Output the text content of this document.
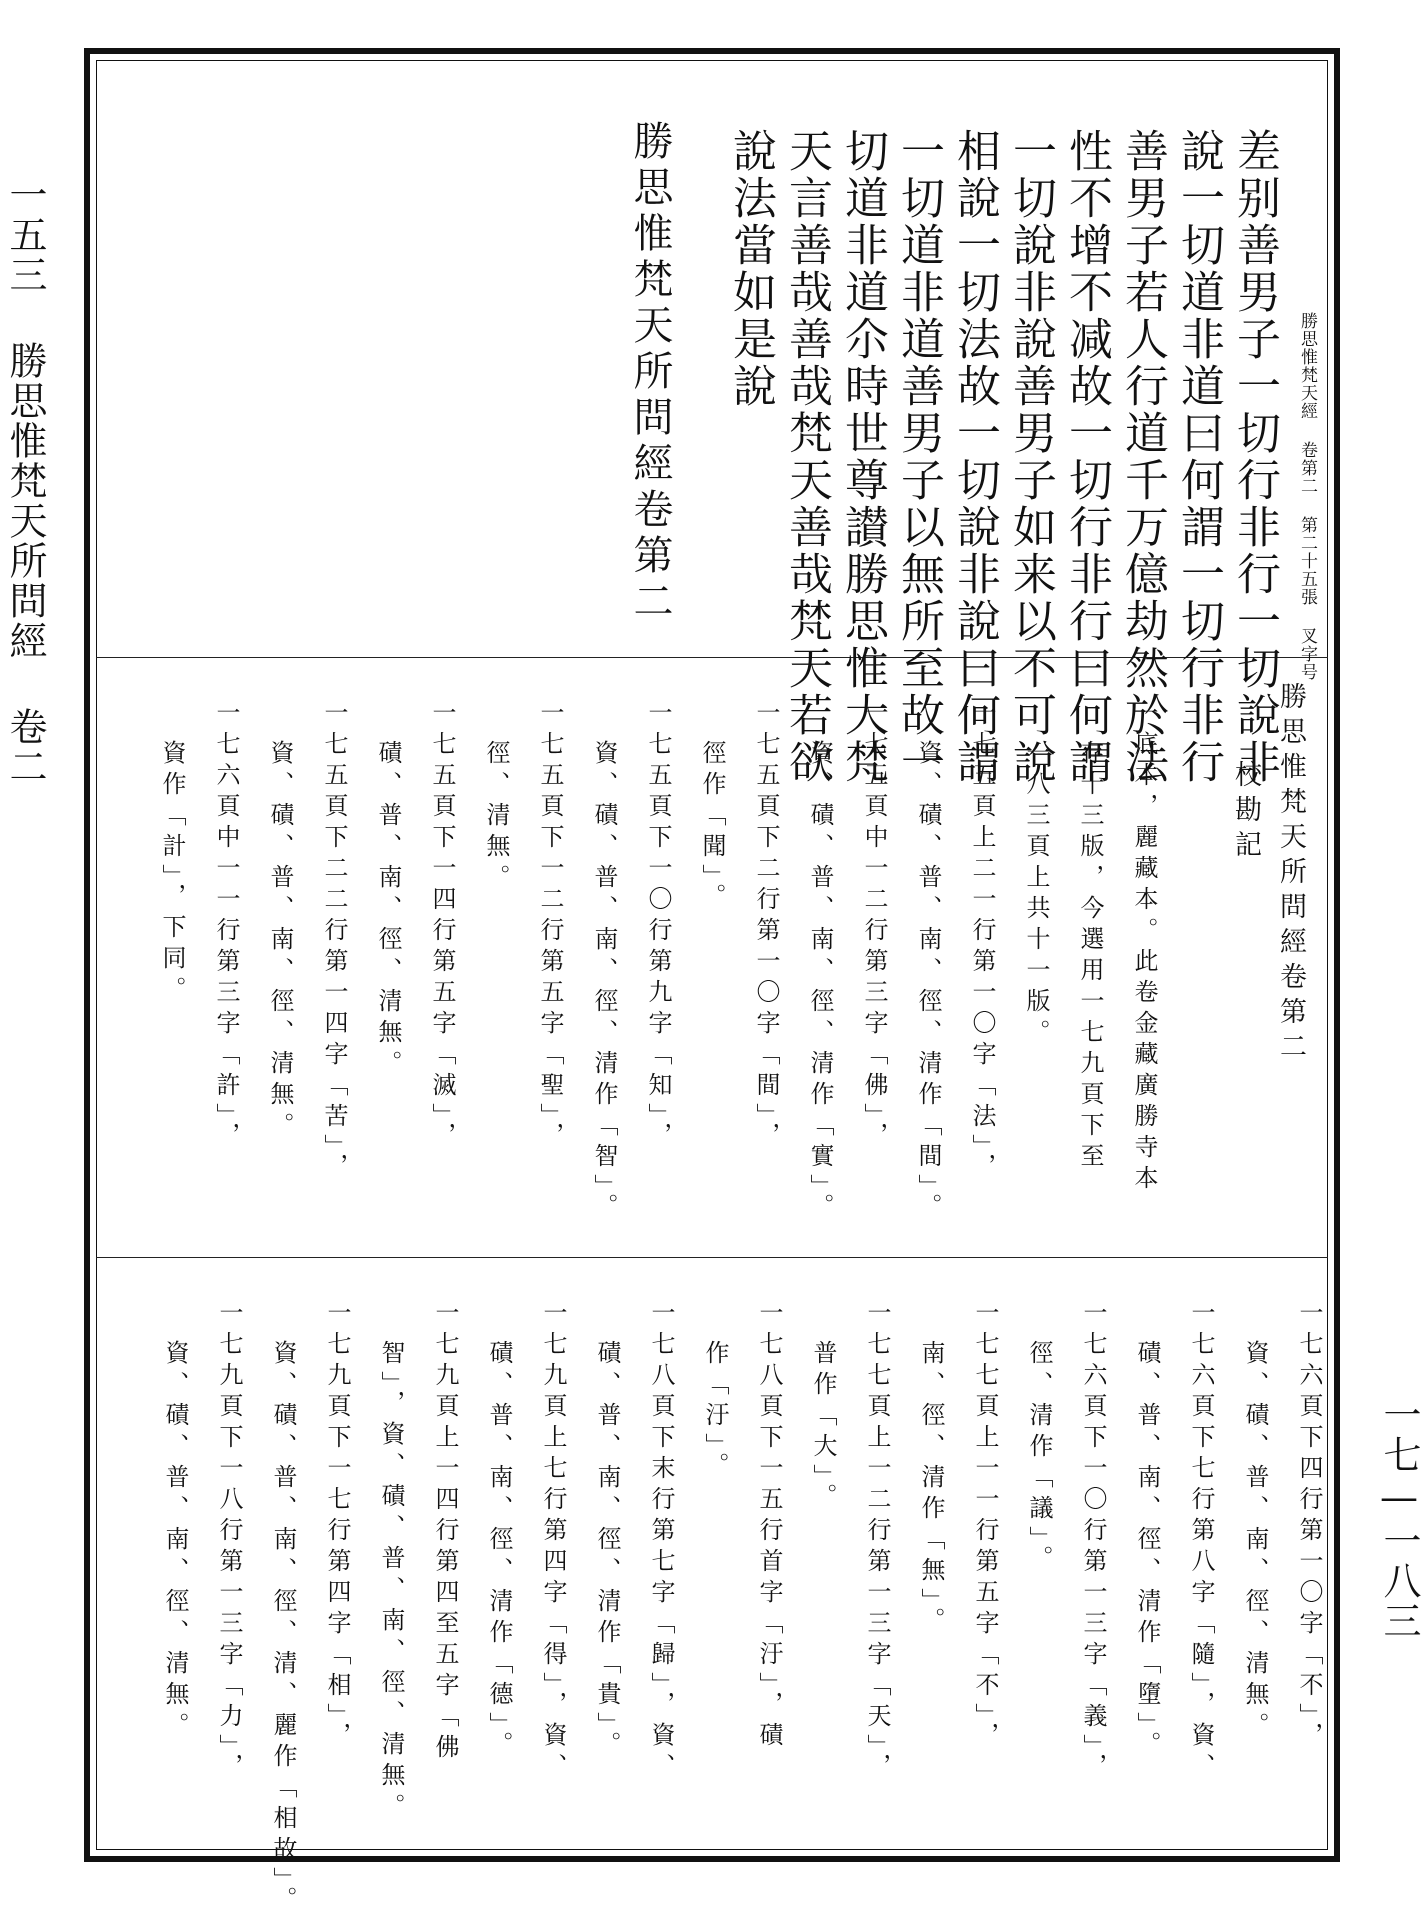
一五三 勝思惟梵天所問經 卷二
一七—一八三
勝思惟梵天經 卷第二 第二十五張 叉字号
差别善男子一切行非行一切說非
說一切道非道曰何謂一切行非行
善男子若人行道千万億劫然於法
性不增不减故一切行非行曰何謂
一切說非說善男子如来以不可說
相說一切法故一切說非說曰何謂
一切道非道善男子以無所至故一
切道非道尒時世尊讃勝思惟大梵
天言善哉善哉梵天善哉梵天若欲
說法當如是說
勝思惟梵天所問經卷第二
勝思惟梵天所問經卷第二
校勘記
一底本，麗藏本。此卷金藏廣勝寺本
存十三版，今選用一七九頁下至
一八三頁上共十一版。
一七五頁上二一行第一〇字「法」，
資、磧、普、南、徑、清作「間」。
一七五頁中一二行第三字「佛」，
資、磧、普、南、徑、清作「實」。
一七五頁下二行第一〇字「間」，
徑作「聞」。
一七五頁下一〇行第九字「知」，
資、磧、普、南、徑、清作「智」。
一七五頁下一二行第五字「聖」，
徑、清無。
一七五頁下一四行第五字「滅」，
磧、普、南、徑、清無。
一七五頁下二二行第一四字「苦」，
資、磧、普、南、徑、清無。
一七六頁中一一行第三字「許」，
資作「計」，下同。
一七六頁下四行第一〇字「不」，
資、磧、普、南、徑、清無。
一七六頁下七行第八字「隨」，資、
磧、普、南、徑、清作「墮」。
一七六頁下一〇行第一三字「義」，
徑、清作「議」。
一七七頁上一一行第五字「不」，
南、徑、清作「無」。
一七七頁上一二行第一三字「天」，
普作「大」。
一七八頁下一五行首字「汙」，磧
作「汙」。
一七八頁下末行第七字「歸」，資、
磧、普、南、徑、清作「貴」。
一七九頁上七行第四字「得」，資、
磧、普、南、徑、清作「德」。
一七九頁上一四行第四至五字「佛
智」，資、磧、普、南、徑、清無。
一七九頁下一七行第四字「相」，
資、磧、普、南、徑、清、麗作「相故」。
一七九頁下一八行第一三字「力」，
資、磧、普、南、徑、清無。
